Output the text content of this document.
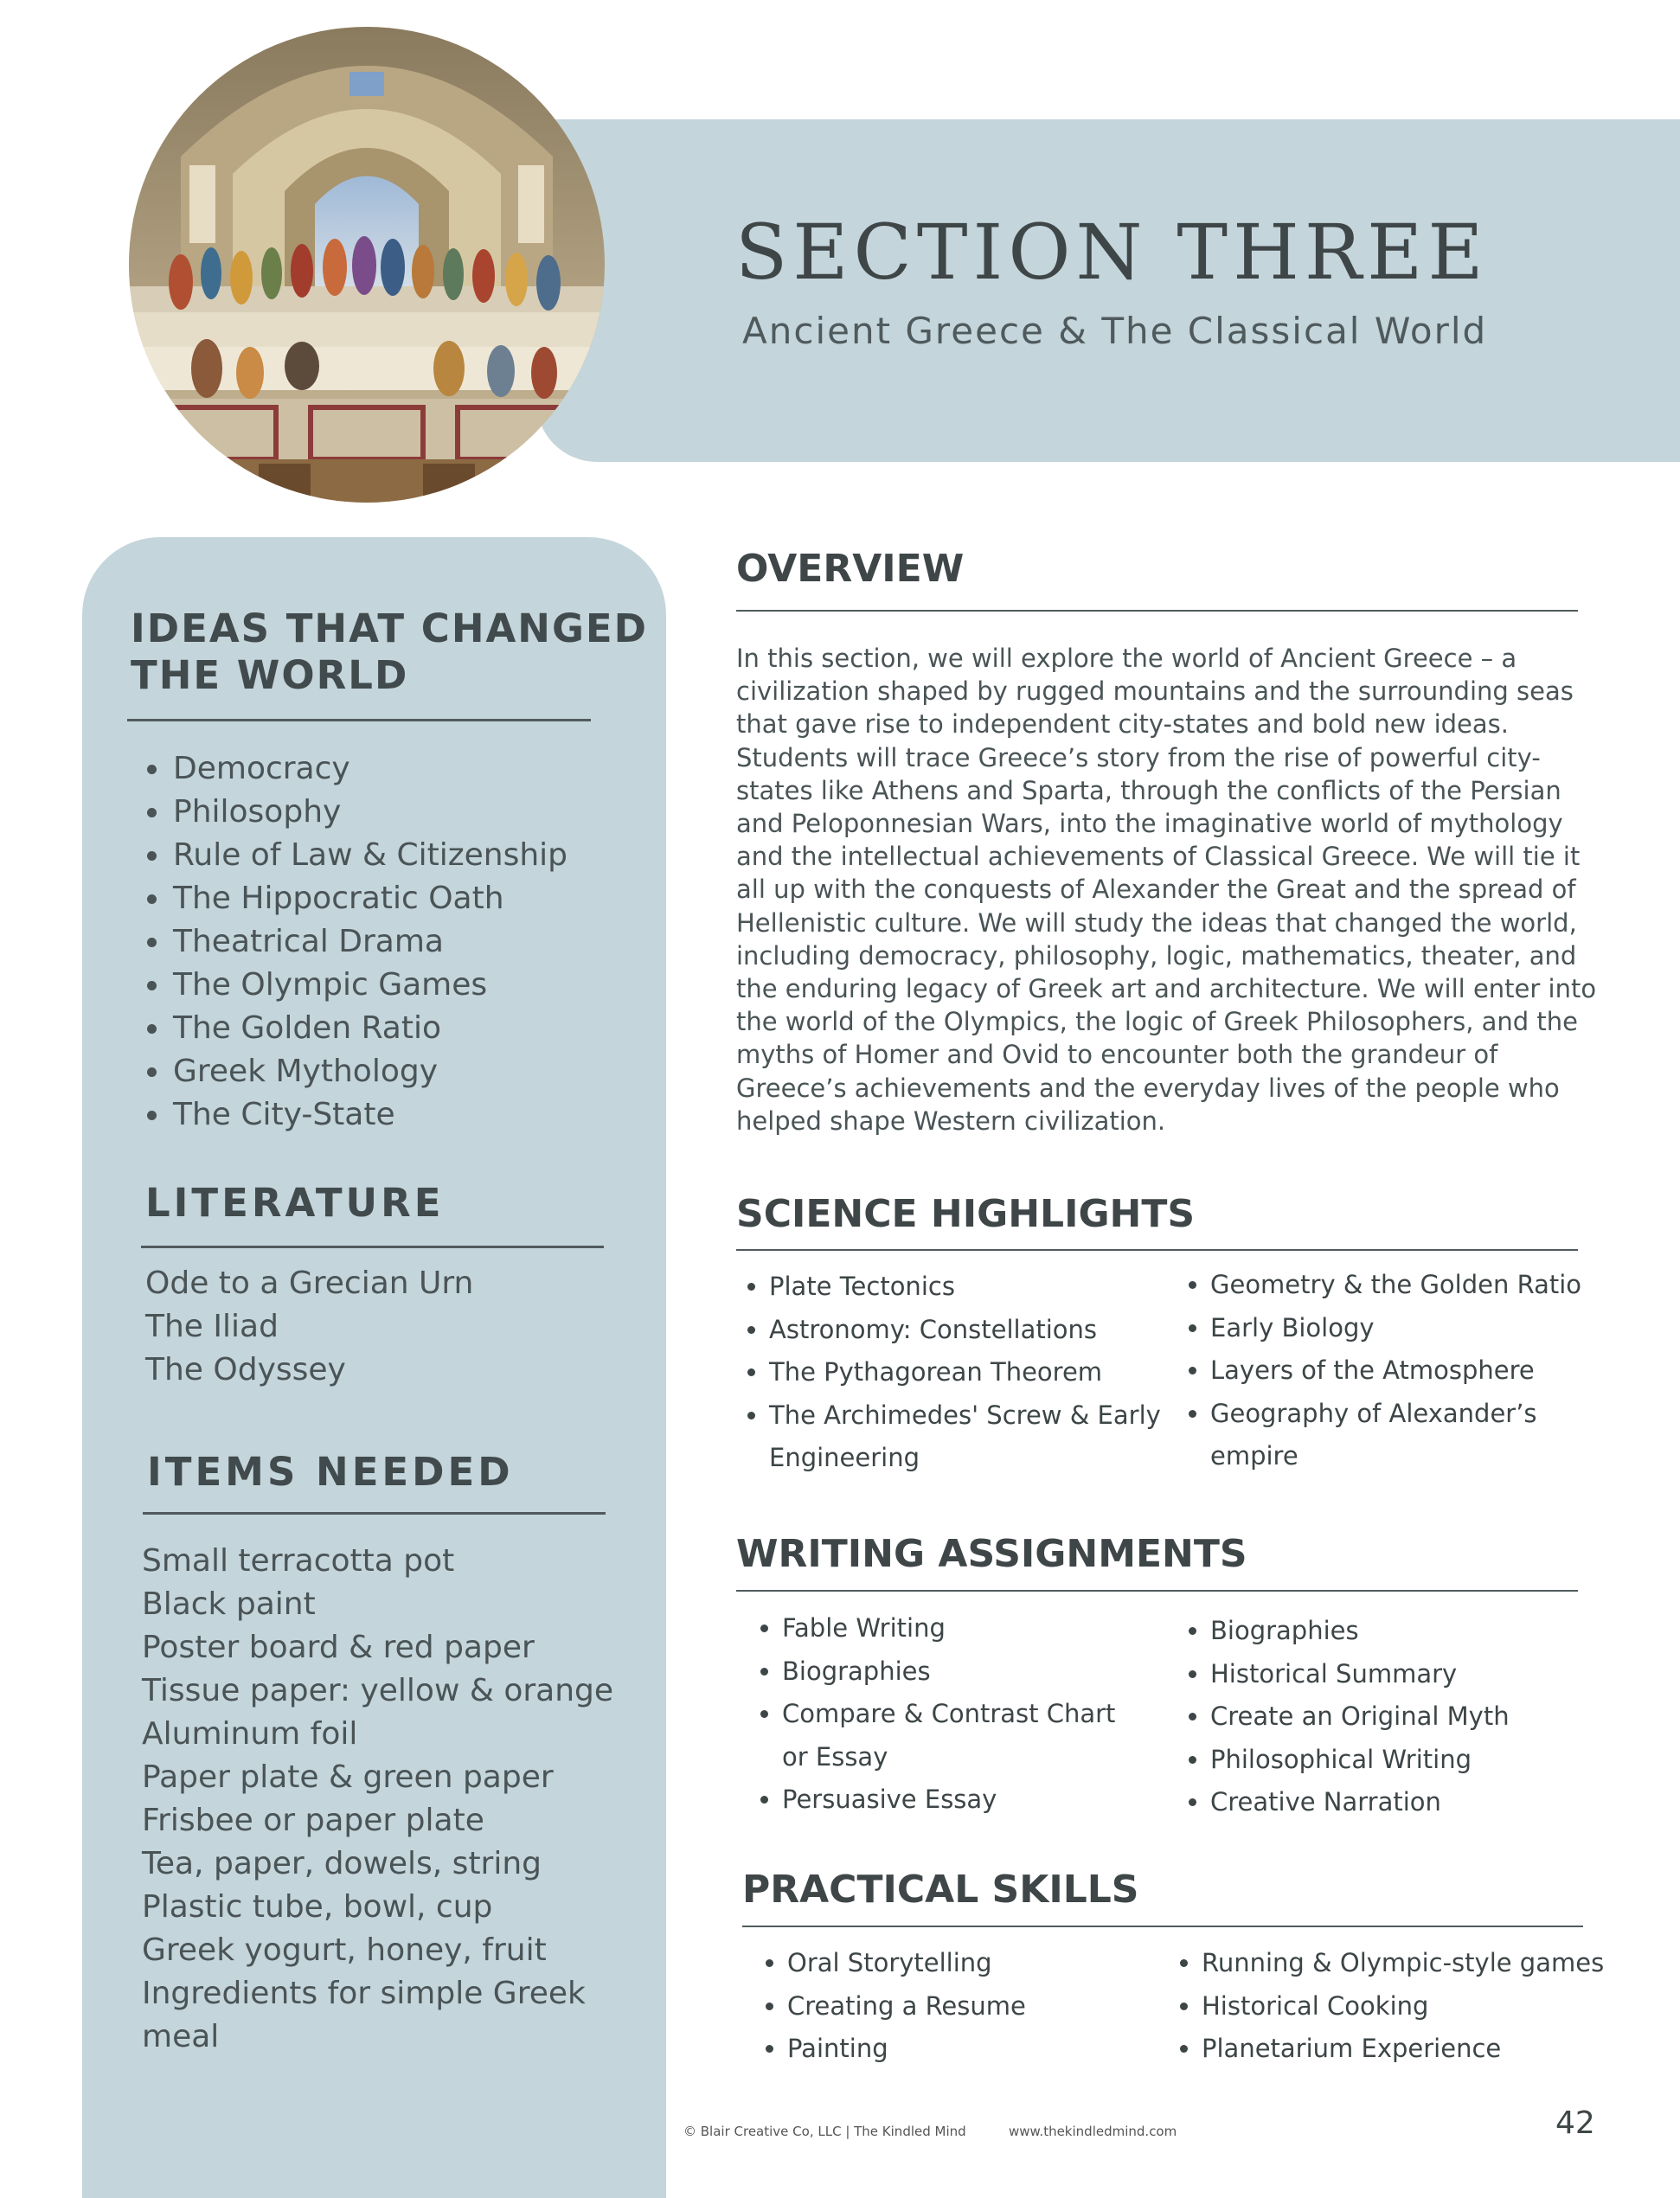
SECTION THREE
Ancient Greece & The Classical World
IDEAS THAT CHANGED THE WORLD
• Democracy
• Philosophy
• Rule of Law & Citizenship
• The Hippocratic Oath
• Theatrical Drama
• The Olympic Games
• The Golden Ratio
• Greek Mythology
• The City-State
LITERATURE
Ode to a Grecian Urn
The Iliad
The Odyssey
ITEMS NEEDED
Small terracotta pot
Black paint
Poster board & red paper
Tissue paper: yellow & orange
Aluminum foil
Paper plate & green paper
Frisbee or paper plate
Tea, paper, dowels, string
Plastic tube, bowl, cup
Greek yogurt, honey, fruit
Ingredients for simple Greek meal
OVERVIEW
In this section, we will explore the world of Ancient Greece – a
civilization shaped by rugged mountains and the surrounding seas
that gave rise to independent city-states and bold new ideas.
Students will trace Greece’s story from the rise of powerful city-
states like Athens and Sparta, through the conflicts of the Persian
and Peloponnesian Wars, into the imaginative world of mythology
and the intellectual achievements of Classical Greece. We will tie it
all up with the conquests of Alexander the Great and the spread of
Hellenistic culture. We will study the ideas that changed the world,
including democracy, philosophy, logic, mathematics, theater, and
the enduring legacy of Greek art and architecture. We will enter into
the world of the Olympics, the logic of Greek Philosophers, and the
myths of Homer and Ovid to encounter both the grandeur of
Greece’s achievements and the everyday lives of the people who
helped shape Western civilization.
SCIENCE HIGHLIGHTS
• Plate Tectonics
• Astronomy: Constellations
• The Pythagorean Theorem
• The Archimedes' Screw & Early Engineering
• Geometry & the Golden Ratio
• Early Biology
• Layers of the Atmosphere
• Geography of Alexander’s empire
WRITING ASSIGNMENTS
• Fable Writing
• Biographies
• Compare & Contrast Chart or Essay
• Persuasive Essay
• Biographies
• Historical Summary
• Create an Original Myth
• Philosophical Writing
• Creative Narration
PRACTICAL SKILLS
• Oral Storytelling
• Creating a Resume
• Painting
• Running & Olympic-style games
• Historical Cooking
• Planetarium Experience
© Blair Creative Co, LLC | The Kindled Mind	www.thekindledmind.com	42
